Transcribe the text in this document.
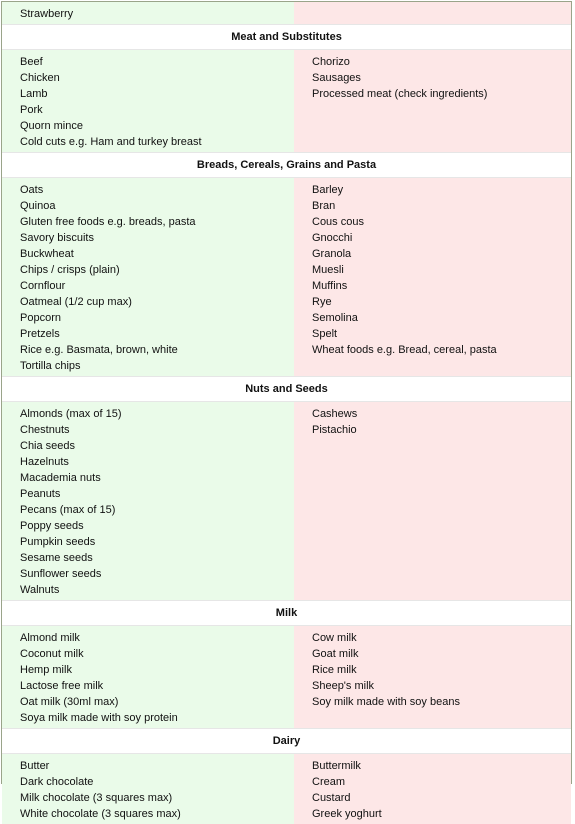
Strawberry
Meat and Substitutes
Beef
Chicken
Lamb
Pork
Quorn mince
Cold cuts e.g. Ham and turkey breast
Chorizo
Sausages
Processed meat (check ingredients)
Breads, Cereals, Grains and Pasta
Oats
Quinoa
Gluten free foods e.g. breads, pasta
Savory biscuits
Buckwheat
Chips / crisps (plain)
Cornflour
Oatmeal (1/2 cup max)
Popcorn
Pretzels
Rice e.g. Basmata, brown, white
Tortilla chips
Barley
Bran
Cous cous
Gnocchi
Granola
Muesli
Muffins
Rye
Semolina
Spelt
Wheat foods e.g. Bread, cereal, pasta
Nuts and Seeds
Almonds (max of 15)
Chestnuts
Chia seeds
Hazelnuts
Macademia nuts
Peanuts
Pecans (max of 15)
Poppy seeds
Pumpkin seeds
Sesame seeds
Sunflower seeds
Walnuts
Cashews
Pistachio
Milk
Almond milk
Coconut milk
Hemp milk
Lactose free milk
Oat milk (30ml max)
Soya milk made with soy protein
Cow milk
Goat milk
Rice milk
Sheep's milk
Soy milk made with soy beans
Dairy
Butter
Dark chocolate
Milk chocolate (3 squares max)
White chocolate (3 squares max)
Buttermilk
Cream
Custard
Greek yoghurt
